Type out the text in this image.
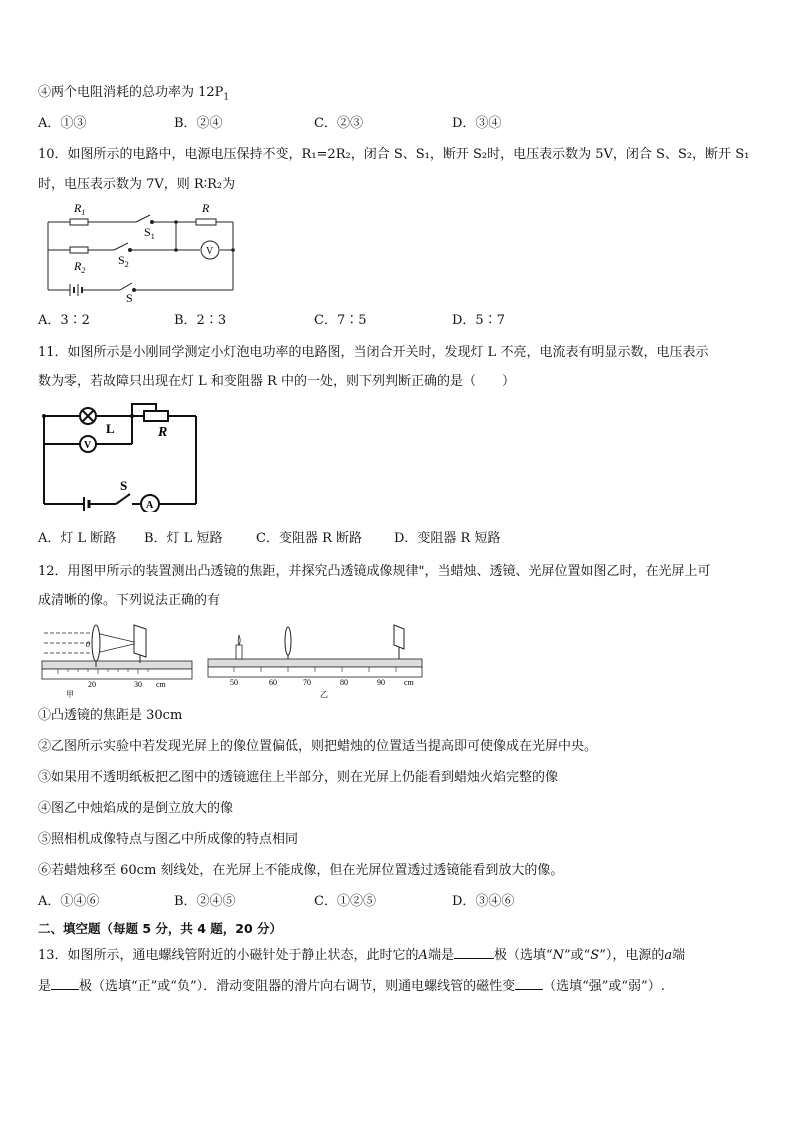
④两个电阻消耗的总功率为 $12P_1$
A．①③	B．②④	C．②③	D．③④
10．如图所示的电路中，电源电压保持不变，R₁=2R₂，闭合 S、S₁，断开 S₂时，电压表示数为 5V，闭合 S、S₂，断开 S₁
时，电压表示数为 7V，则 R∶R₂为
$R_1$	R
$S_1$
$R_2$
$S_2$
V
S
A．3∶2	B．2∶3	C．7∶5	D．5∶7
11．如图所示是小刚同学测定小灯泡电功率的电路图，当闭合开关时，发现灯 L 不亮，电流表有明显示数，电压表示
数为零，若故障只出现在灯 L 和变阻器 R 中的一处，则下列判断正确的是（　　）
L	R
V
A
S
A．灯 L 断路 B．灯 L 短路	C．变阻器 R 断路 D．变阻器 R 短路
12．用图甲所示的装置测出凸透镜的焦距，并探究凸透镜成像规律"，当蜡烛、透镜、光屏位置如图乙时，在光屏上可
成清晰的像。下列说法正确的有
0
20	30 cm
甲
50	60	70	80	90 cm
乙
①凸透镜的焦距是 30cm
②乙图所示实验中若发现光屏上的像位置偏低，则把蜡烛的位置适当提高即可使像成在光屏中央。
③如果用不透明纸板把乙图中的透镜遮住上半部分，则在光屏上仍能看到蜡烛火焰完整的像
④图乙中烛焰成的是倒立放大的像
⑤照相机成像特点与图乙中所成像的特点相同
⑥若蜡烛移至 60cm 刻线处，在光屏上不能成像，但在光屏位置透过透镜能看到放大的像。
A．①④⑥	B．②④⑤	C．①②⑤	D．③④⑥
二、填空题（每题 5 分，共 4 题，20 分）
13．如图所示，通电螺线管附近的小磁针处于静止状态，此时它的A端是	极（选填“N”或“S”），电源的a端
是 极（选填“正”或“负”）．滑动变阻器的滑片向右调节，则通电螺线管的磁性变 （选填“强”或“弱”）.
